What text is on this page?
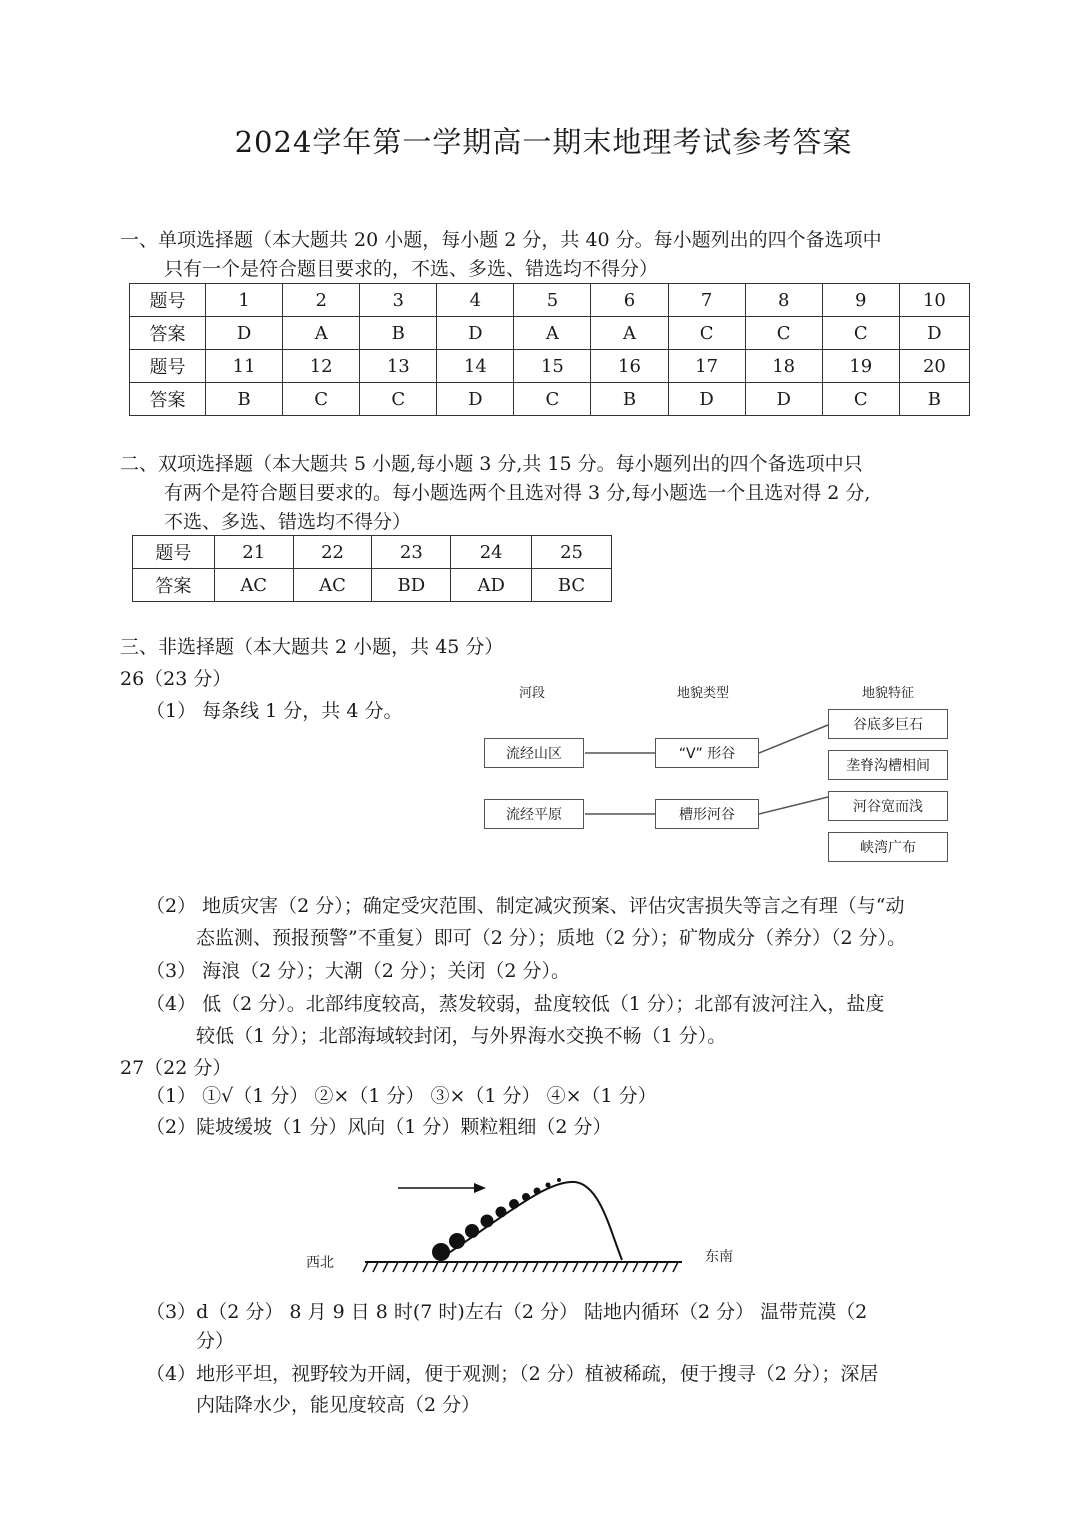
2024学年第一学期高一期末地理考试参考答案
一、单项选择题（本大题共 20 小题，每小题 2 分，共 40 分。每小题列出的四个备选项中
只有一个是符合题目要求的，不选、多选、错选均不得分）
题号	1	2	3	4	5	6	7	8	9	10
答案	D	A	B	D	A	A	C	C	C	D
题号	11	12	13	14	15	16	17	18	19	20
答案	B	C	C	D	C	B	D	D	C	B
二、双项选择题（本大题共 5 小题,每小题 3 分,共 15 分。每小题列出的四个备选项中只
有两个是符合题目要求的。每小题选两个且选对得 3 分,每小题选一个且选对得 2 分,
不选、多选、错选均不得分）
题号	21	22	23	24	25
答案	AC	AC	BD	AD	BC
三、非选择题（本大题共 2 小题，共 45 分）
26（23 分）
（1） 每条线 1 分，共 4 分。
河段	地貌类型	地貌特征
流经山区
流经平原
“V” 形谷
槽形河谷
谷底多巨石
垄脊沟槽相间
河谷宽而浅
峡湾广布
（2） 地质灾害（2 分）；确定受灾范围、制定减灾预案、评估灾害损失等言之有理（与“动
态监测、预报预警”不重复）即可（2 分）；质地（2 分）；矿物成分（养分）（2 分）。
（3） 海浪（2 分）；大潮（2 分）；关闭（2 分）。
（4） 低（2 分）。北部纬度较高，蒸发较弱，盐度较低（1 分）；北部有波河注入，盐度
较低（1 分）；北部海域较封闭，与外界海水交换不畅（1 分）。
27（22 分）
（1） ①√（1 分） ②×（1 分） ③×（1 分） ④×（1 分）
（2）陡坡缓坡（1 分）风向（1 分）颗粒粗细（2 分）
西北	东南
（3）d（2 分） 8 月 9 日 8 时(7 时)左右（2 分） 陆地内循环（2 分） 温带荒漠（2
分）
（4）地形平坦，视野较为开阔，便于观测；（2 分）植被稀疏，便于搜寻（2 分）；深居
内陆降水少，能见度较高（2 分）
